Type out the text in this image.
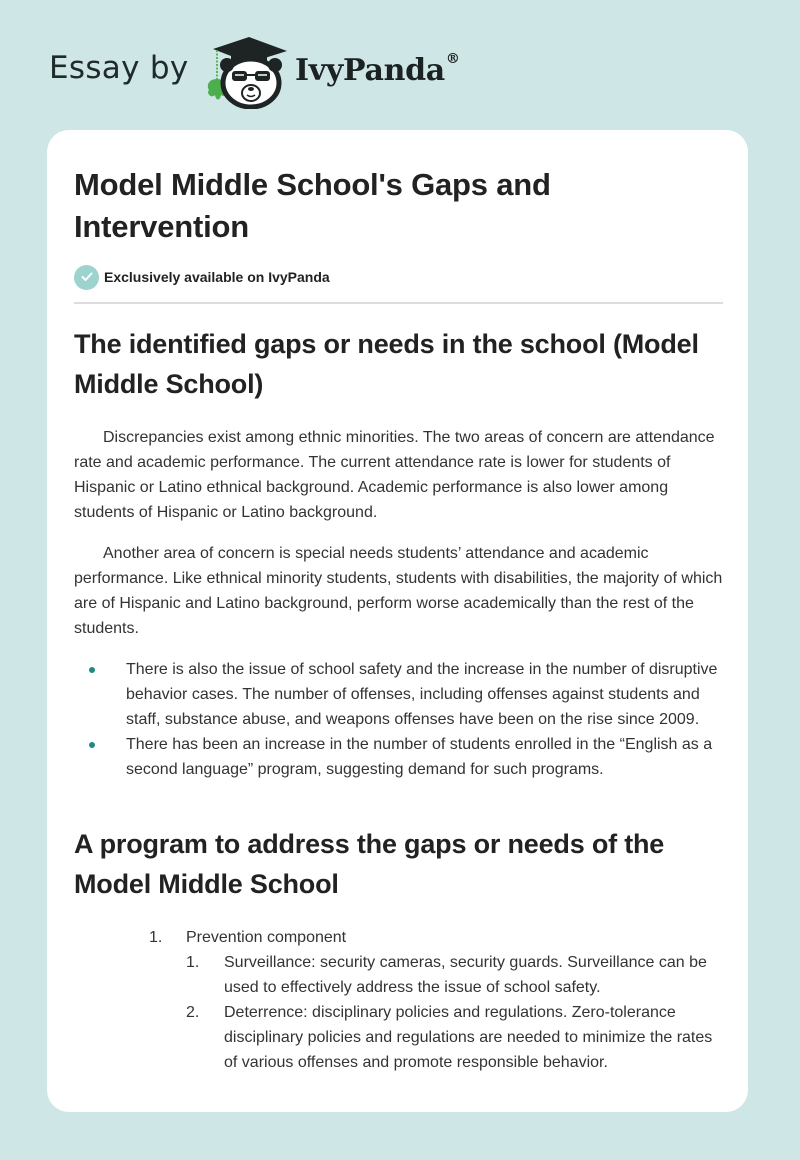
Essay by	IvyPanda®
Model Middle School's Gaps and Intervention
Exclusively available on IvyPanda
The identified gaps or needs in the school (Model Middle School)

Discrepancies exist among ethnic minorities. The two areas of concern are attendance rate and academic performance. The current attendance rate is lower for students of Hispanic or Latino ethnical background. Academic performance is also lower among students of Hispanic or Latino background.

Another area of concern is special needs students’ attendance and academic performance. Like ethnical minority students, students with disabilities, the majority of which are of Hispanic and Latino background, perform worse academically than the rest of the students.

There is also the issue of school safety and the increase in the number of disruptive behavior cases. The number of offenses, including offenses against students and staff, substance abuse, and weapons offenses have been on the rise since 2009.
There has been an increase in the number of students enrolled in the “English as a second language” program, suggesting demand for such programs.
A program to address the gaps or needs of the Model Middle School
1. Prevention component
1. Surveillance: security cameras, security guards. Surveillance can be used to effectively address the issue of school safety.
2. Deterrence: disciplinary policies and regulations. Zero-tolerance disciplinary policies and regulations are needed to minimize the rates of various offenses and promote responsible behavior.
